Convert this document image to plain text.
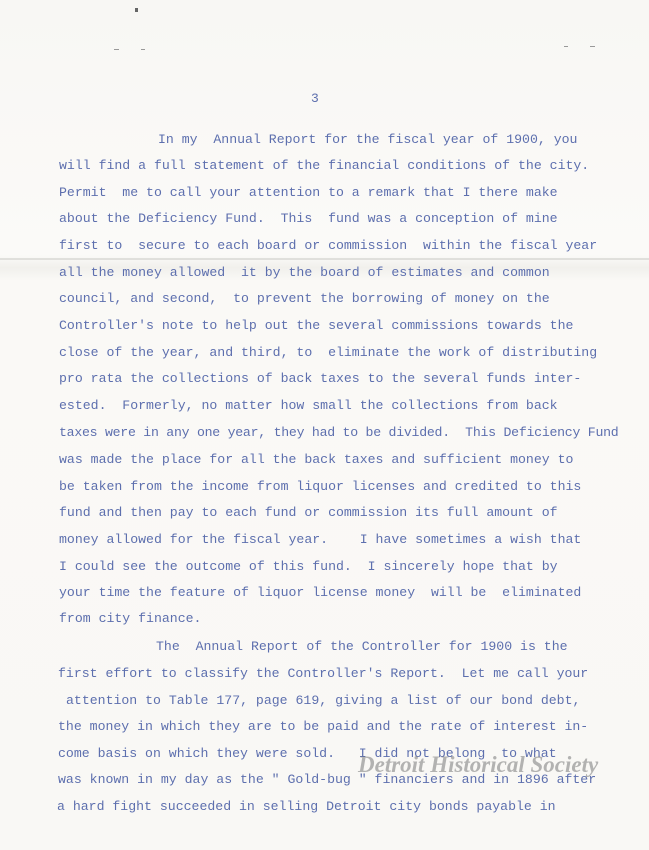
3
In my  Annual Report for the fiscal year of 1900, you
will find a full statement of the financial conditions of the city.
Permit  me to call your attention to a remark that I there make
about the Deficiency Fund.  This  fund was a conception of mine
first to  secure to each board or commission  within the fiscal year
all the money allowed  it by the board of estimates and common
council, and second,  to prevent the borrowing of money on the
Controller's note to help out the several commissions towards the
close of the year, and third, to  eliminate the work of distributing
pro rata the collections of back taxes to the several funds inter-
ested.  Formerly, no matter how small the collections from back
taxes were in any one year, they had to be divided.  This Deficiency Fund
was made the place for all the back taxes and sufficient money to
be taken from the income from liquor licenses and credited to this
fund and then pay to each fund or commission its full amount of
money allowed for the fiscal year.    I have sometimes a wish that
I could see the outcome of this fund.  I sincerely hope that by
your time the feature of liquor license money  will be  eliminated
from city finance.
The  Annual Report of the Controller for 1900 is the
first effort to classify the Controller's Report.  Let me call your
attention to Table 177, page 619, giving a list of our bond debt,
the money in which they are to be paid and the rate of interest in-
come basis on which they were sold.   I did not belong  to what
was known in my day as the " Gold-bug " financiers and in 1896 after
a hard fight succeeded in selling Detroit city bonds payable in
Detroit Historical Society
